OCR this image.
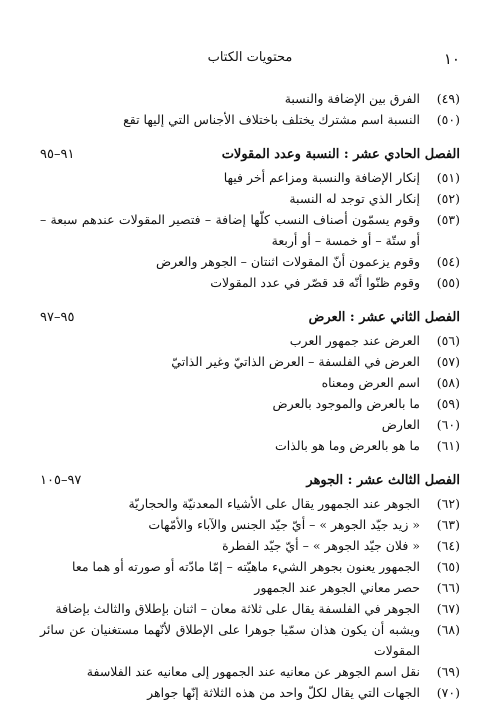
١٠
محتويات الكتاب
(٤٩)
الفرق بين الإضافة والنسبة
(٥٠)
النسبة اسم مشترك يختلف باختلاف الأجناس التي إليها تقع
الفصل الحادي عشر : النسبة وعدد المقولات
٩١–٩٥
(٥١)
إنكار الإضافة والنسبة ومزاعم أخر فيها
(٥٢)
إنكار الذي توجد له النسبة
(٥٣)
وقوم يسمّون أصناف النسب كلّها إضافة – فتصير المقولات عندهم سبعة – أو ستّة – أو خمسة – أو أربعة
(٥٤)
وقوم يزعمون أنّ المقولات اثنتان – الجوهر والعرض
(٥٥)
وقوم ظنّوا أنّه قد قصّر في عدد المقولات
الفصل الثاني عشر : العرض
٩٥–٩٧
(٥٦)
العرض عند جمهور العرب
(٥٧)
العرض في الفلسفة – العرض الذاتيّ وغير الذاتيّ
(٥٨)
اسم العرض ومعناه
(٥٩)
ما بالعرض والموجود بالعرض
(٦٠)
العارض
(٦١)
ما هو بالعرض وما هو بالذات
الفصل الثالث عشر : الجوهر
٩٧–١٠٥
(٦٢)
الجوهر عند الجمهور يقال على الأشياء المعدنيّة والحجاريّة
(٦٣)
« زيد جيّد الجوهر » – أيّ جيّد الجنس والآباء والأمّهات
(٦٤)
« فلان جيّد الجوهر » – أيّ جيّد الفطرة
(٦٥)
الجمهور يعنون بجوهر الشيء ماهيّته – إمّا مادّته أو صورته أو هما معا
(٦٦)
حصر معاني الجوهر عند الجمهور
(٦٧)
الجوهر في الفلسفة يقال على ثلاثة معان – اثنان بإطلاق والثالث بإضافة
(٦٨)
ويشبه أن يكون هذان سمّيا جوهرا على الإطلاق لأنّهما مستغنيان عن سائر المقولات
(٦٩)
نقل اسم الجوهر عن معانيه عند الجمهور إلى معانيه عند الفلاسفة
(٧٠)
الجهات التي يقال لكلّ واحد من هذه الثلاثة إنّها جواهر
